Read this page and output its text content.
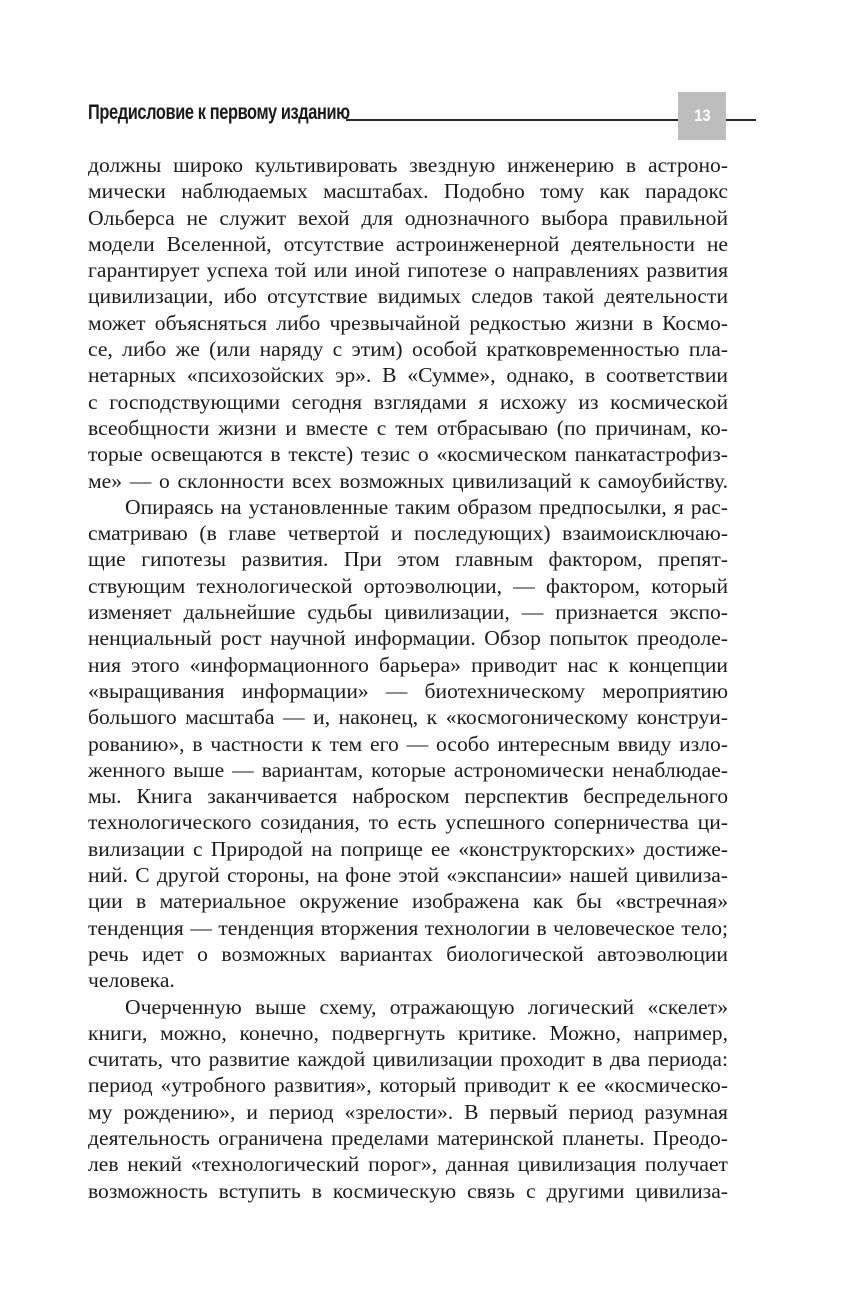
Предисловие к первому изданию	13

должны широко культивировать звездную инженерию в астроно-
мически наблюдаемых масштабах. Подобно тому как парадокс
Ольберса не служит вехой для однозначного выбора правильной
модели Вселенной, отсутствие астроинженерной деятельности не
гарантирует успеха той или иной гипотезе о направлениях развития
цивилизации, ибо отсутствие видимых следов такой деятельности
может объясняться либо чрезвычайной редкостью жизни в Космо-
се, либо же (или наряду с этим) особой кратковременностью пла-
нетарных «психозойских эр». В «Сумме», однако, в соответствии
с господствующими сегодня взглядами я исхожу из космической
всеобщности жизни и вместе с тем отбрасываю (по причинам, ко-
торые освещаются в тексте) тезис о «космическом панкатастрофиз-
ме» — о склонности всех возможных цивилизаций к самоубийству.

Опираясь на установленные таким образом предпосылки, я рас-
сматриваю (в главе четвертой и последующих) взаимоисключаю-
щие гипотезы развития. При этом главным фактором, препят-
ствующим технологической ортоэволюции, — фактором, который
изменяет дальнейшие судьбы цивилизации, — признается экспо-
ненциальный рост научной информации. Обзор попыток преодоле-
ния этого «информационного барьера» приводит нас к концепции
«выращивания информации» — биотехническому мероприятию
большого масштаба — и, наконец, к «космогоническому конструи-
рованию», в частности к тем его — особо интересным ввиду изло-
женного выше — вариантам, которые астрономически ненаблюдае-
мы. Книга заканчивается наброском перспектив беспредельного
технологического созидания, то есть успешного соперничества ци-
вилизации с Природой на поприще ее «конструкторских» достиже-
ний. С другой стороны, на фоне этой «экспансии» нашей цивилиза-
ции в материальное окружение изображена как бы «встречная»
тенденция — тенденция вторжения технологии в человеческое тело;
речь идет о возможных вариантах биологической автоэволюции
человека.

Очерченную выше схему, отражающую логический «скелет»
книги, можно, конечно, подвергнуть критике. Можно, например,
считать, что развитие каждой цивилизации проходит в два периода:
период «утробного развития», который приводит к ее «космическо-
му рождению», и период «зрелости». В первый период разумная
деятельность ограничена пределами материнской планеты. Преодо-
лев некий «технологический порог», данная цивилизация получает
возможность вступить в космическую связь с другими цивилиза-
